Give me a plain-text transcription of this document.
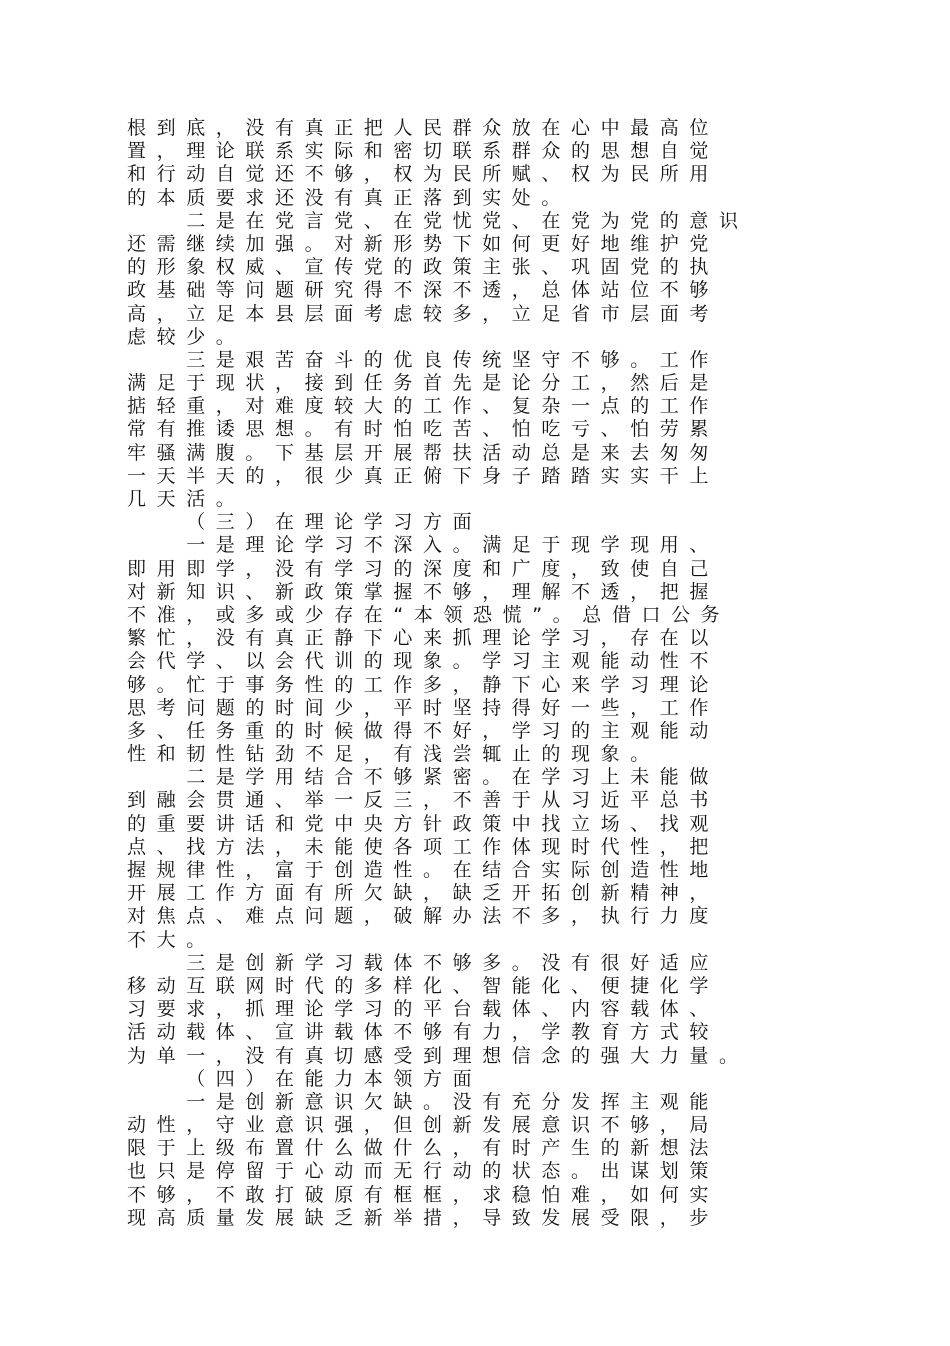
根到底，没有真正把人民群众放在心中最高位
置，理论联系实际和密切联系群众的思想自觉
和行动自觉还不够，权为民所赋、权为民所用
的本质要求还没有真正落到实处。
二是在党言党、在党忧党、在党为党的意识
还需继续加强。对新形势下如何更好地维护党
的形象权威、宣传党的政策主张、巩固党的执
政基础等问题研究得不深不透，总体站位不够
高，立足本县层面考虑较多，立足省市层面考
虑较少。
三是艰苦奋斗的优良传统坚守不够。工作
满足于现状，接到任务首先是论分工，然后是
掂轻重，对难度较大的工作、复杂一点的工作
常有推诿思想。有时怕吃苦、怕吃亏、怕劳累
牢骚满腹。下基层开展帮扶活动总是来去匆匆
一天半天的，很少真正俯下身子踏踏实实干上
几天活。
（三）在理论学习方面
一是理论学习不深入。满足于现学现用、
即用即学，没有学习的深度和广度，致使自己
对新知识、新政策掌握不够，理解不透，把握
不准，或多或少存在“本领恐慌”。总借口公务
繁忙，没有真正静下心来抓理论学习，存在以
会代学、以会代训的现象。学习主观能动性不
够。忙于事务性的工作多，静下心来学习理论
思考问题的时间少，平时坚持得好一些，工作
多、任务重的时候做得不好，学习的主观能动
性和韧性钻劲不足，有浅尝辄止的现象。
二是学用结合不够紧密。在学习上未能做
到融会贯通、举一反三，不善于从习近平总书
的重要讲话和党中央方针政策中找立场、找观
点、找方法，未能使各项工作体现时代性，把
握规律性，富于创造性。在结合实际创造性地
开展工作方面有所欠缺，缺乏开拓创新精神，
对焦点、难点问题，破解办法不多，执行力度
不大。
三是创新学习载体不够多。没有很好适应
移动互联网时代的多样化、智能化、便捷化学
习要求，抓理论学习的平台载体、内容载体、
活动载体、宣讲载体不够有力，学教育方式较
为单一，没有真切感受到理想信念的强大力量。
（四）在能力本领方面
一是创新意识欠缺。没有充分发挥主观能
动性，守业意识强，但创新发展意识不够，局
限于上级布置什么做什么，有时产生的新想法
也只是停留于心动而无行动的状态。出谋划策
不够，不敢打破原有框框，求稳怕难，如何实
现高质量发展缺乏新举措，导致发展受限，步
